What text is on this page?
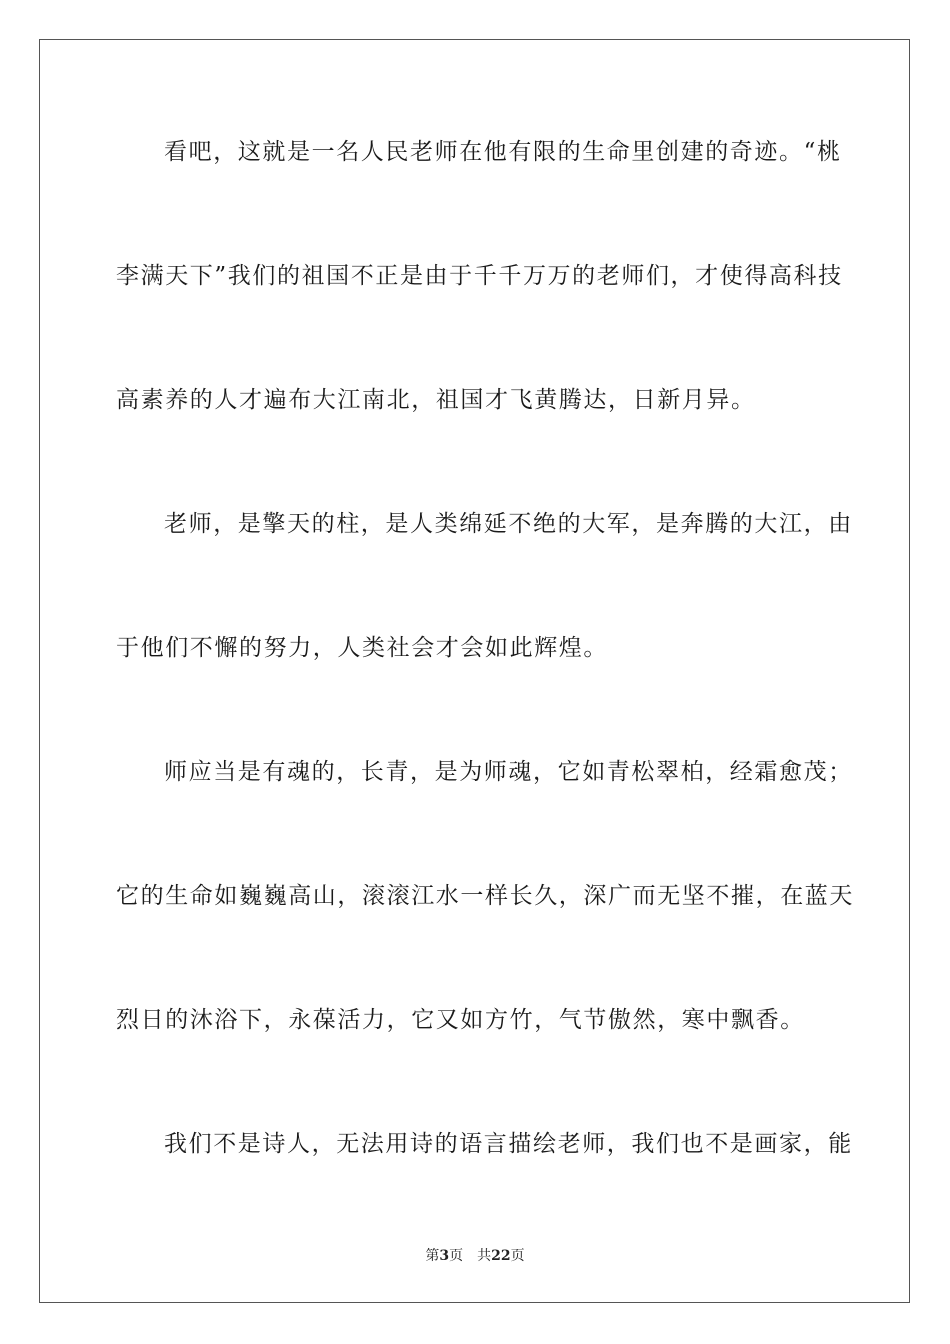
看吧，这就是一名人民老师在他有限的生命里创建的奇迹。“桃
李满天下”我们的祖国不正是由于千千万万的老师们，才使得高科技
高素养的人才遍布大江南北，祖国才飞黄腾达，日新月异。
老师，是擎天的柱，是人类绵延不绝的大军，是奔腾的大江，由
于他们不懈的努力，人类社会才会如此辉煌。
师应当是有魂的，长青，是为师魂，它如青松翠柏，经霜愈茂；
它的生命如巍巍高山，滚滚江水一样长久，深广而无坚不摧，在蓝天
烈日的沐浴下，永葆活力，它又如方竹，气节傲然，寒中飘香。
我们不是诗人，无法用诗的语言描绘老师，我们也不是画家，能
第3页 共22页
